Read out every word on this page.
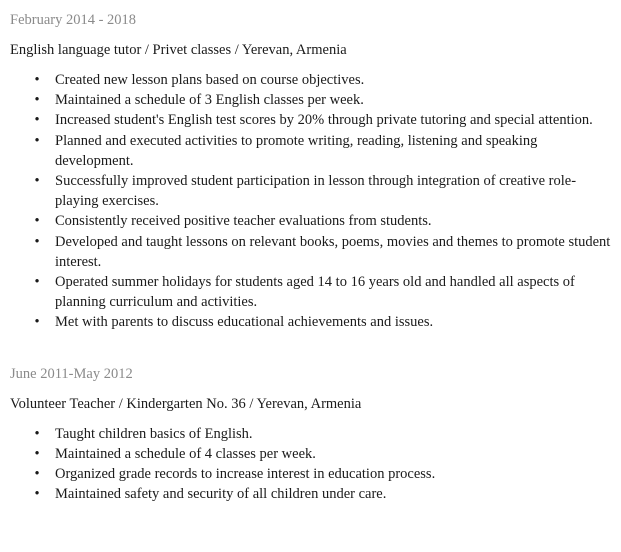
February 2014 - 2018

English language tutor / Privet classes / Yerevan, Armenia

• Created new lesson plans based on course objectives.
• Maintained a schedule of 3 English classes per week.
• Increased student's English test scores by 20% through private tutoring and special attention.
• Planned and executed activities to promote writing, reading, listening and speaking development.
• Successfully improved student participation in lesson through integration of creative role-playing exercises.
• Consistently received positive teacher evaluations from students.
• Developed and taught lessons on relevant books, poems, movies and themes to promote student interest.
• Operated summer holidays for students aged 14 to 16 years old and handled all aspects of planning curriculum and activities.
• Met with parents to discuss educational achievements and issues.

June 2011-May 2012

Volunteer Teacher / Kindergarten No. 36 / Yerevan, Armenia

• Taught children basics of English.
• Maintained a schedule of 4 classes per week.
• Organized grade records to increase interest in education process.
• Maintained safety and security of all children under care.
